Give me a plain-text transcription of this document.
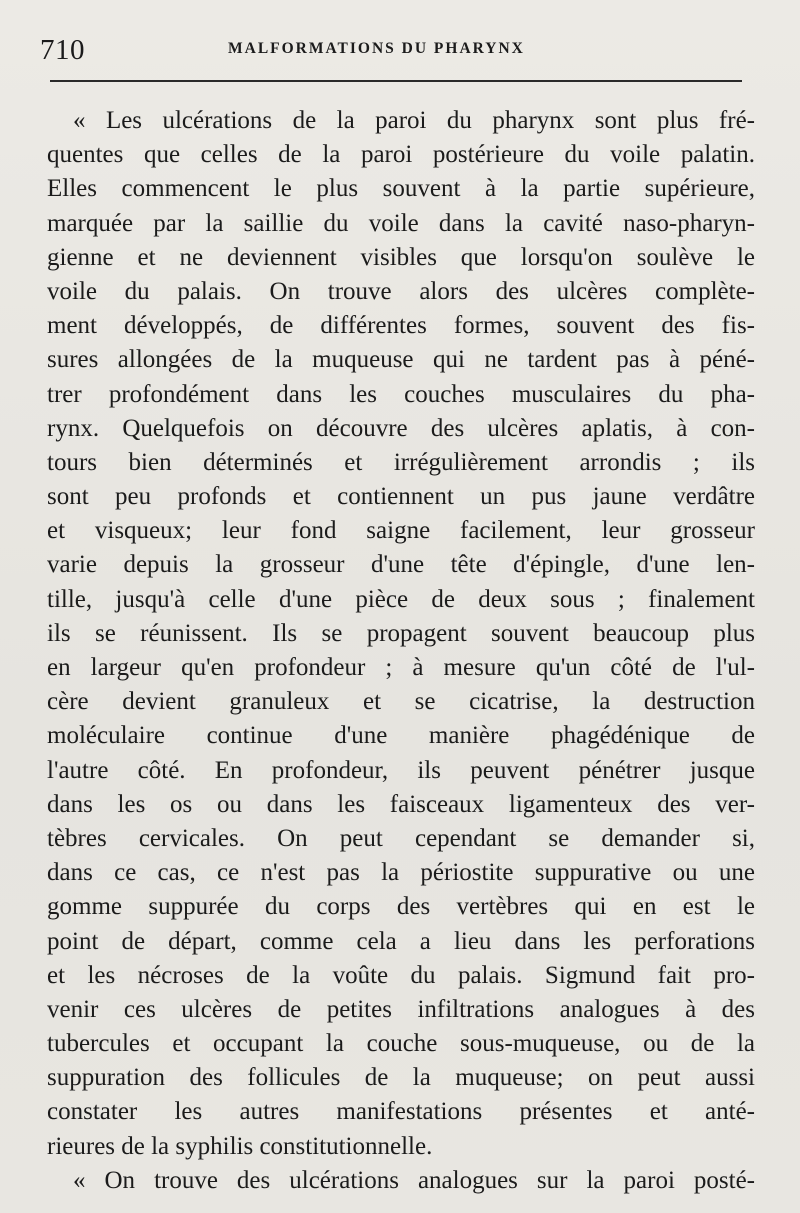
710	MALFORMATIONS DU PHARYNX
« Les ulcérations de la paroi du pharynx sont plus fré-
quentes que celles de la paroi postérieure du voile palatin.
Elles commencent le plus souvent à la partie supérieure,
marquée par la saillie du voile dans la cavité naso-pharyn-
gienne et ne deviennent visibles que lorsqu'on soulève le
voile du palais. On trouve alors des ulcères complète-
ment développés, de différentes formes, souvent des fis-
sures allongées de la muqueuse qui ne tardent pas à péné-
trer profondément dans les couches musculaires du pha-
rynx. Quelquefois on découvre des ulcères aplatis, à con-
tours bien déterminés et irrégulièrement arrondis ; ils
sont peu profonds et contiennent un pus jaune verdâtre
et visqueux; leur fond saigne facilement, leur grosseur
varie depuis la grosseur d'une tête d'épingle, d'une len-
tille, jusqu'à celle d'une pièce de deux sous ; finalement
ils se réunissent. Ils se propagent souvent beaucoup plus
en largeur qu'en profondeur ; à mesure qu'un côté de l'ul-
cère devient granuleux et se cicatrise, la destruction
moléculaire continue d'une manière phagédénique de
l'autre côté. En profondeur, ils peuvent pénétrer jusque
dans les os ou dans les faisceaux ligamenteux des ver-
tèbres cervicales. On peut cependant se demander si,
dans ce cas, ce n'est pas la périostite suppurative ou une
gomme suppurée du corps des vertèbres qui en est le
point de départ, comme cela a lieu dans les perforations
et les nécroses de la voûte du palais. Sigmund fait pro-
venir ces ulcères de petites infiltrations analogues à des
tubercules et occupant la couche sous-muqueuse, ou de la
suppuration des follicules de la muqueuse; on peut aussi
constater les autres manifestations présentes et anté-
rieures de la syphilis constitutionnelle.
« On trouve des ulcérations analogues sur la paroi posté-
